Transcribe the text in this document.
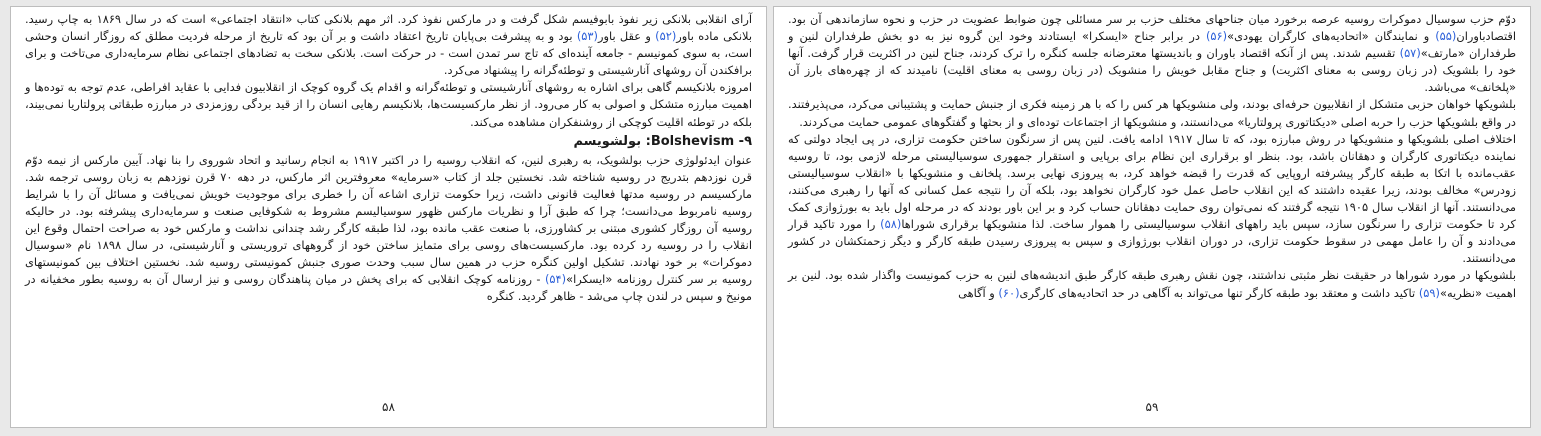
آرای انقلابی بلانکی زیر نفوذ بابوفیسم شکل گرفت و در مارکس نفوذ کرد. اثر مهم بلانکی کتاب «انتقاد اجتماعی» است که در سال ۱۸۶۹ به چاپ رسید. بلانکی ماده باور(۵۲) و عقل باور(۵۳) بود و به پیشرفت بی‌پایان تاریخ اعتقاد داشت و بر آن بود که تاریخ از مرحله فردیت مطلق که روزگار انسان وحشی است، به سوی کمونیسم - جامعه آینده‌ای که تاج سر تمدن است - در حرکت است. بلانکی سخت به تضادهای اجتماعی نظام سرمایه‌داری می‌تاخت و برای برافکندن آن روشهای آنارشیستی و توطئه‌گرانه را پیشنهاد می‌کرد.

امروزه بلانکیسم گاهی برای اشاره به روشهای آنارشیستی و توطئه‌گرانه و اقدام یک گروه کوچک از انقلابیون فدایی با عقاید افراطی، عدم توجه به توده‌ها و اهمیت مبارزه متشکل و اصولی به کار می‌رود. از نظر مارکسیست‌ها، بلانکیسم رهایی انسان را از قید بردگی روزمزدی در مبارزه طبقاتی پرولتاریا نمی‌بیند، بلکه در توطئه اقلیت کوچکی از روشنفکران مشاهده می‌کند.

۹- Bolshevism: بولشویسم

عنوان ایدئولوژی حزب بولشویک، به رهبری لنین، که انقلاب روسیه را در اکتبر ۱۹۱۷ به انجام رسانید و اتحاد شوروی را بنا نهاد. آیین مارکس از نیمه دوّم قرن نوزدهم بتدریج در روسیه شناخته شد. نخستین جلد از کتاب «سرمایه» معروفترین اثر مارکس، در دهه ۷۰ قرن نوزدهم به زبان روسی ترجمه شد. مارکسیسم در روسیه مدتها فعالیت قانونی داشت، زیرا حکومت تزاری اشاعه آن را خطری برای موجودیت خویش نمی‌یافت و مسائل آن را با شرایط روسیه نامربوط می‌دانست؛ چرا که طبق آرا و نظریات مارکس ظهور سوسیالیسم مشروط به شکوفایی صنعت و سرمایه‌داری پیشرفته بود. در حالیکه روسیه آن روزگار کشوری مبتنی بر کشاورزی، با صنعت عقب مانده بود، لذا طبقه کارگر رشد چندانی نداشت و مارکس خود به صراحت احتمال وقوع این انقلاب را در روسیه رد کرده بود. مارکسیست‌های روسی برای متمایز ساختن خود از گروههای تروریستی و آنارشیستی، در سال ۱۸۹۸ نام «سوسیال دموکرات» بر خود نهادند. تشکیل اولین کنگره حزب در همین سال سبب وحدت صوری جنبش کمونیستی روسیه شد. نخستین اختلاف بین کمونیستهای روسیه بر سر کنترل روزنامه «ایسکرا»(۵۴) - روزنامه کوچک انقلابی که برای پخش در میان پناهندگان روسی و نیز ارسال آن به روسیه بطور مخفیانه در مونیخ و سپس در لندن چاپ می‌شد - ظاهر گردید. کنگره

۵۸

دوّم حزب سوسیال دموکرات روسیه عرصه برخورد میان جناحهای مختلف حزب بر سر مسائلی چون ضوابط عضویت در حزب و نحوه سازماندهی آن بود. اقتصادباوران(۵۵) و نمایندگان «اتحادیه‌های کارگران یهودی»(۵۶) در برابر جناح «ایسکرا» ایستادند وخود این گروه نیز به دو بخش طرفداران لنین و طرفداران «مارتف»(۵۷) تقسیم شدند. پس از آنکه اقتصاد باوران و باندیستها معترضانه جلسه کنگره را ترک کردند، جناح لنین در اکثریت قرار گرفت. آنها خود را بلشویک (در زبان روسی به معنای اکثریت) و جناح مقابل خویش را منشویک (در زبان روسی به معنای اقلیت) نامیدند که از چهره‌های بارز آن «پلخانف» می‌باشد.

بلشویکها خواهان حزبی متشکل از انقلابیون حرفه‌ای بودند، ولی منشویکها هر کس را که با هر زمینه فکری از جنبش حمایت و پشتیبانی می‌کرد، می‌پذیرفتند. در واقع بلشویکها حزب را حربه اصلی «دیکتاتوری پرولتاریا» می‌دانستند، و منشویکها از اجتماعات توده‌ای و از بحثها و گفتگوهای عمومی حمایت می‌کردند.

اختلاف اصلی بلشویکها و منشویکها در روش مبارزه بود، که تا سال ۱۹۱۷ ادامه یافت. لنین پس از سرنگون ساختن حکومت تزاری، در پی ایجاد دولتی که نماینده دیکتاتوری کارگران و دهقانان باشد، بود. بنظر او برقراری این نظام برای برپایی و استقرار جمهوری سوسیالیستی مرحله لازمی بود، تا روسیه عقب‌مانده با اتکا به طبقه کارگر پیشرفته اروپایی که قدرت را قبضه خواهد کرد، به پیروزی نهایی برسد. پلخانف و منشویکها با «انقلاب سوسیالیستی زودرس» مخالف بودند، زیرا عقیده داشتند که این انقلاب حاصل عمل خود کارگران نخواهد بود، بلکه آن را نتیجه عمل کسانی که آنها را رهبری می‌کنند، می‌دانستند. آنها از انقلاب سال ۱۹۰۵ نتیجه گرفتند که نمی‌توان روی حمایت دهقانان حساب کرد و بر این باور بودند که در مرحله اول باید به بورژوازی کمک کرد تا حکومت تزاری را سرنگون سازد، سپس باید راههای انقلاب سوسیالیستی را هموار ساخت. لذا منشویکها برقراری شوراها(۵۸) را مورد تاکید قرار می‌دادند و آن را عامل مهمی در سقوط حکومت تزاری، در دوران انقلاب بورژوازی و سپس به پیروزی رسیدن طبقه کارگر و دیگر زحمتکشان در کشور می‌دانستند.

بلشویکها در مورد شوراها در حقیقت نظر مثبتی نداشتند، چون نقش رهبری طبقه کارگر طبق اندیشه‌های لنین به حزب کمونیست واگذار شده بود. لنین بر اهمیت «نظریه»(۵۹) تاکید داشت و معتقد بود طبقه کارگر تنها می‌تواند به آگاهی در حد اتحادیه‌های کارگری(۶۰) و آگاهی

۵۹
